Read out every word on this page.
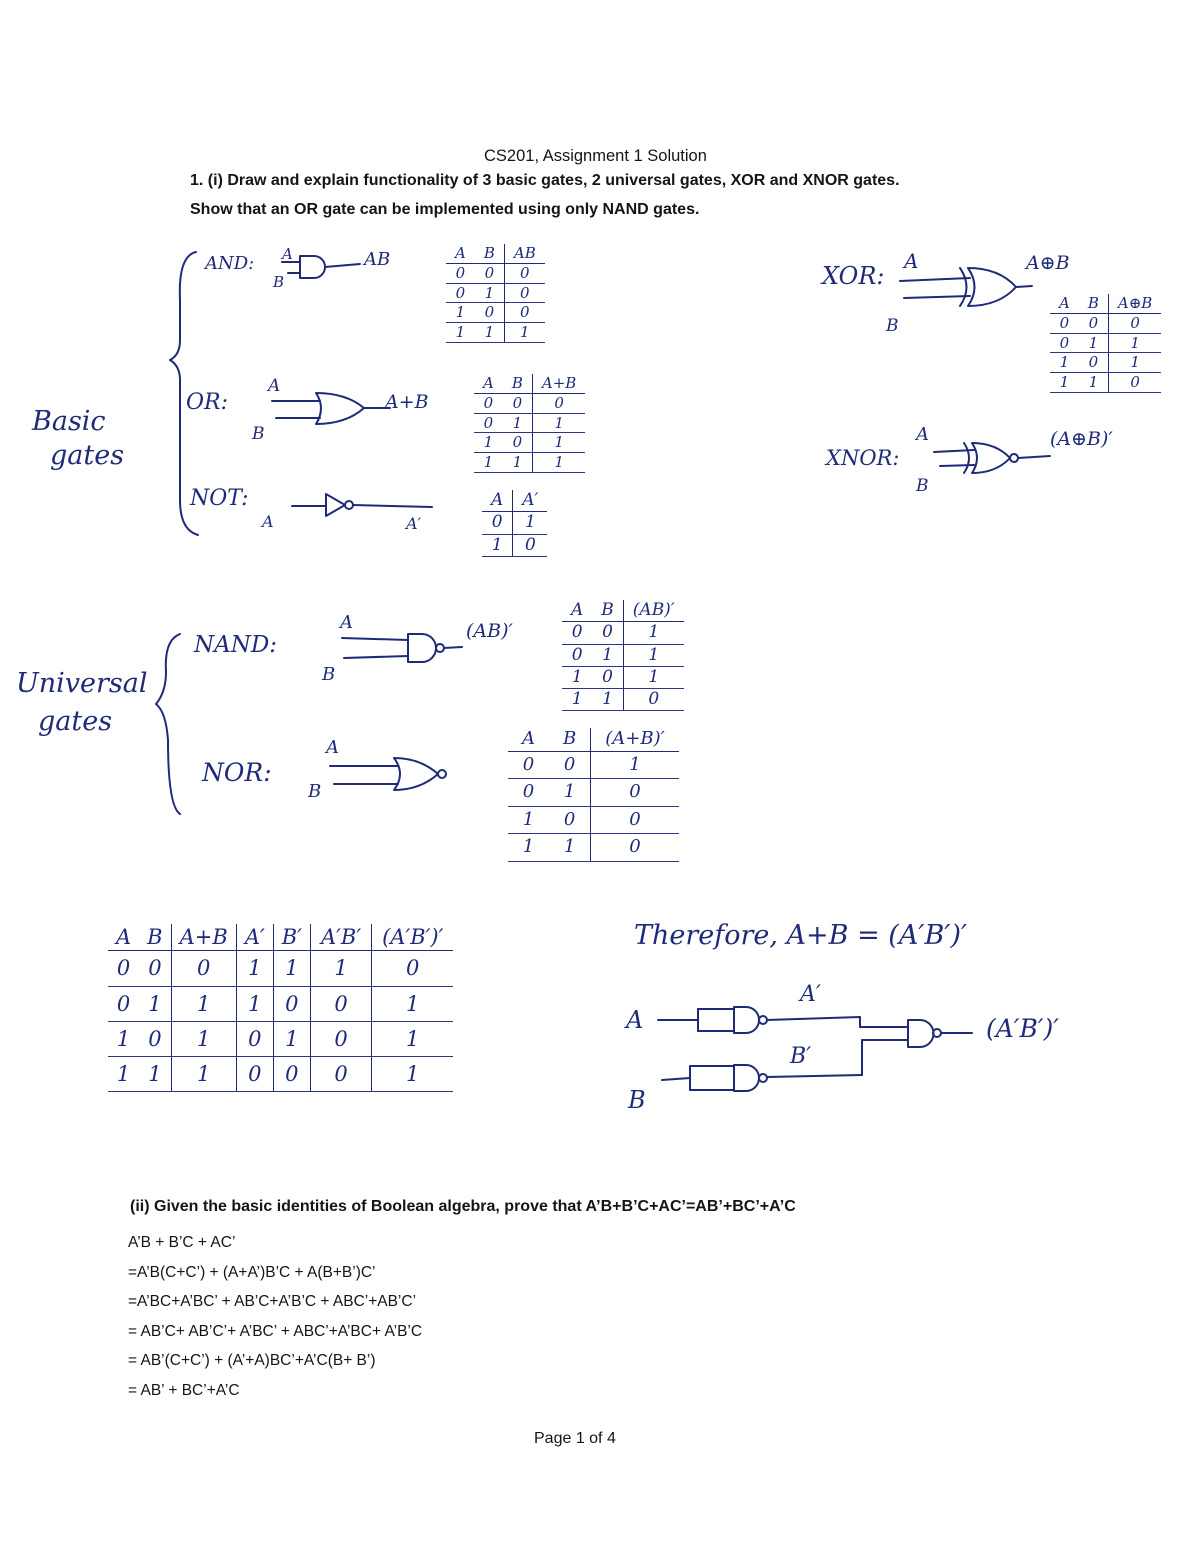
CS201, Assignment 1 Solution
1. (i) Draw and explain functionality of 3 basic gates, 2 universal gates, XOR and XNOR gates.
Show that an OR gate can be implemented using only NAND gates.
Basic
gates
Universal
gates
AND: A
B
AB
OR:
A
B
A+B
NOT:
A	A′
NAND:
A
B
(AB)′
NOR:
A
B
XOR:
A
B
A⊕B
XNOR:
A
B
(A⊕B)′
A	B	AB
0	0	0
0	1	0
1	0	0
1	1	1
A	B	A+B
0	0	0
0	1	1
1	0	1
1	1	1
A	A′
0	1
1	0
A	B	A⊕B
0	0	0
0	1	1
1	0	1
1	1	0
A	B	(AB)′
0	0	1
0	1	1
1	0	1
1	1	0
A	B	(A+B)′
0	0	1
0	1	0
1	0	0
1	1	0
A	B	A+B	A′	B′	A′B′	(A′B′)′
0	0	0	1	1	1	0
0	1	1	1	0	0	1
1	0	1	0	1	0	1
1	1	1	0	0	0	1
Therefore, A+B = (A′B′)′
A
B
A′
B′
(A′B′)′
(ii) Given the basic identities of Boolean algebra, prove that A’B+B’C+AC’=AB’+BC’+A’C
A’B + B’C + AC’
=A’B(C+C’) + (A+A’)B’C + A(B+B’)C’
=A’BC+A’BC’ + AB’C+A’B’C + ABC’+AB’C’
= AB’C+ AB’C’+ A’BC’ + ABC’+A’BC+ A’B’C
= AB’(C+C’) + (A’+A)BC’+A’C(B+ B’)
= AB’ + BC’+A’C
Page 1 of 4
